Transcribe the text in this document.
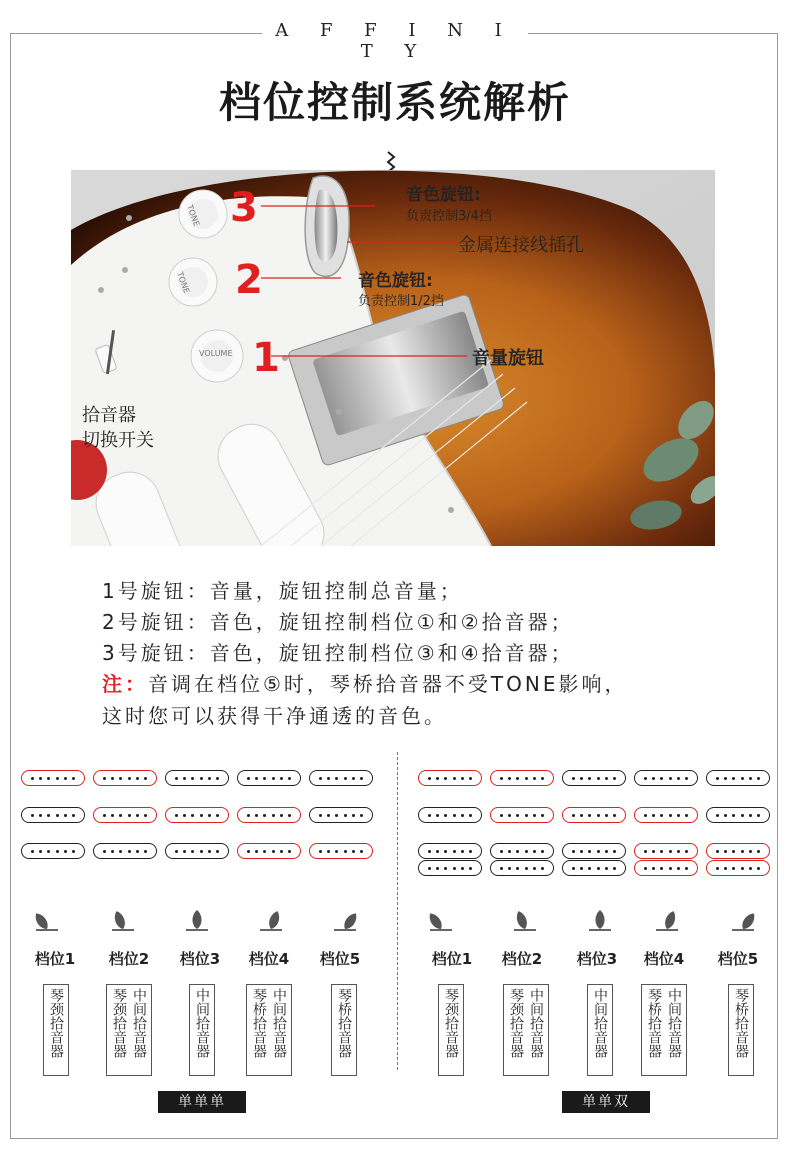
A F F I N I T Y
档位控制系统解析
TONE
TONE
VOLUME
3
2
1
音色旋钮:
负责控制3/4挡
金属连接线插孔
音色旋钮:
负责控制1/2挡
音量旋钮
拾音器
切换开关
1号旋钮：音量，旋钮控制总音量；
2号旋钮：音色，旋钮控制档位①和②拾音器；
3号旋钮：音色，旋钮控制档位③和④拾音器；
注：音调在档位⑤时，琴桥拾音器不受TONE影响，
这时您可以获得干净通透的音色。
档位1
琴颈拾音器
档位2
琴颈拾音器 中间拾音器
档位3
中间拾音器
档位4
琴桥拾音器 中间拾音器
档位5
琴桥拾音器
档位1
琴颈拾音器
档位2
琴颈拾音器 中间拾音器
档位3
中间拾音器
档位4
琴桥拾音器 中间拾音器
档位5
琴桥拾音器
单单单	单单双
